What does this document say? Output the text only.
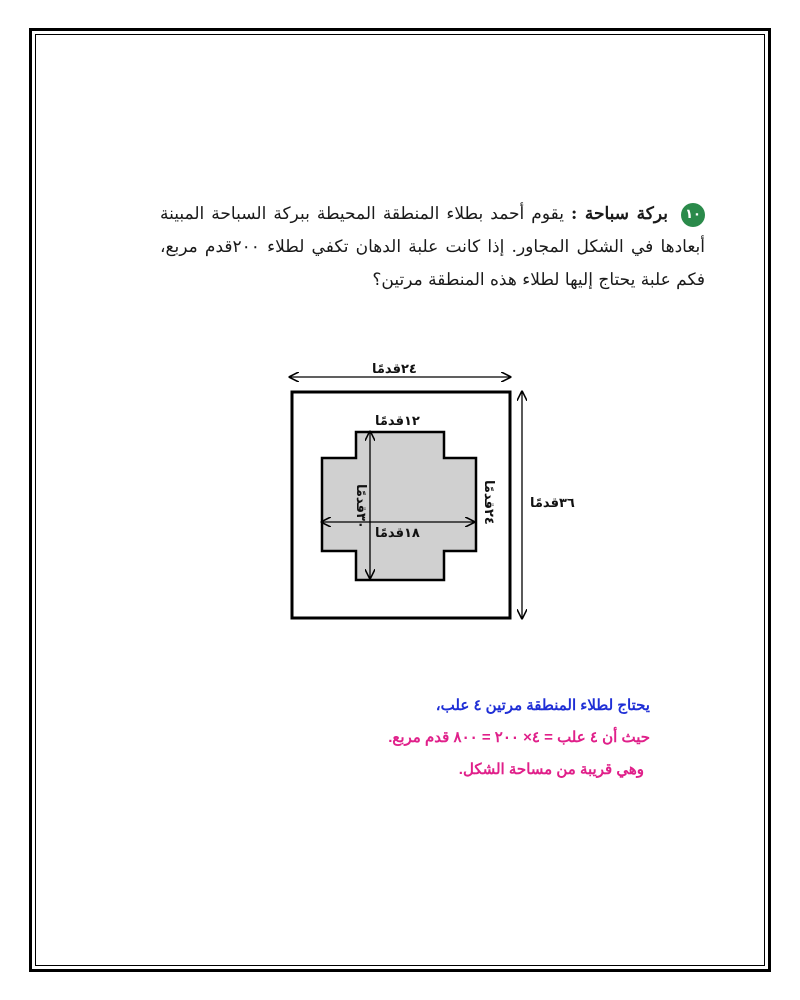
١٠ بركة سباحة : يقوم أحمد بطلاء المنطقة المحيطة ببركة السباحة المبينة أبعادها في الشكل المجاور. إذا كانت علبة الدهان تكفي لطلاء ٢٠٠قدم مربع، فكم علبة يحتاج إليها لطلاء هذه المنطقة مرتين؟
٢٤قدمًا
٣٦قدمًا
١٢قدمًا
٣٠قدمًا
١٨قدمًا
٢٤قدمًا
يحتاج لطلاء المنطقة مرتين ٤ علب،
حيث أن ٤ علب = ٤× ٢٠٠ = ٨٠٠ قدم مربع.
وهي قريبة من مساحة الشكل.
